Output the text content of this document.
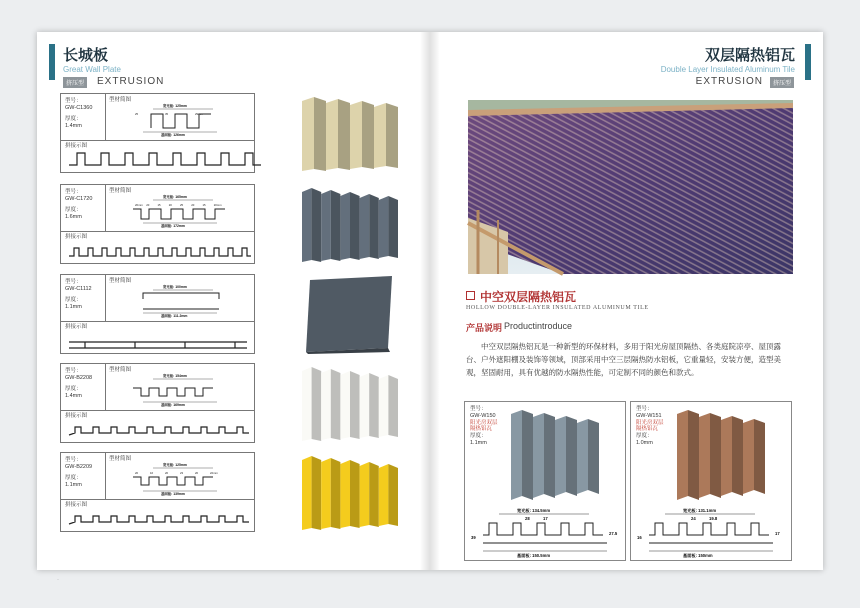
长城板
Great Wall Plate
挤压型	EXTRUSION
型号：
GW-C1360
厚度：
1.4mm
型材简图
拼接示图
宽光板: 125mm
基面板: 126mm
25	35	29mm
型号：
GW-C1720
厚度：
1.6mm
型材简图
拼接示图
宽光板: 165mm
基面板: 172mm
20mm 20	15	20	25	20	15	20mm
型号：
GW-C1112
厚度：
1.1mm
型材简图
拼接示图
宽光板: 100mm
基面板: 111.2mm
型号：
GW-B2208
厚度：
1.4mm
型材简图
拼接示图
宽光板: 154mm
基面板: 169mm
型号：
GW-B2209
厚度：
1.1mm
型材简图
拼接示图
宽光板: 125mm
基面板: 139mm
20	16	20	23	20	22mm
·
双层隔热铝瓦
Double Layer Insulated Aluminum Tile
EXTRUSION	挤压型
中空双层隔热铝瓦
HOLLOW DOUBLE-LAYER INSULATED ALUMINUM TILE
产品说明 Productintroduce
中空双层隔热铝瓦是一种新型的环保材料，多用于阳光房屋顶隔热、各类庭院凉亭、屋顶露台、户外遮阳棚及装饰等领域，顶部采用中空三层隔热防水铝板，它重量轻，安装方便，造型美观，坚固耐用，具有优越的防水隔热性能，可定制不同的颜色和款式。
型号：
GW-W150
阳光房双层
隔热铝瓦
厚度：
1.1mm
宽光板: 134.5mm
28	17
基面板: 150.5mm
39
27.5
型号：
GW-W151
阳光房双层
隔热铝瓦
厚度：
1.0mm
宽光板: 131.1mm
24	19.8
基面板: 150mm
16
17
